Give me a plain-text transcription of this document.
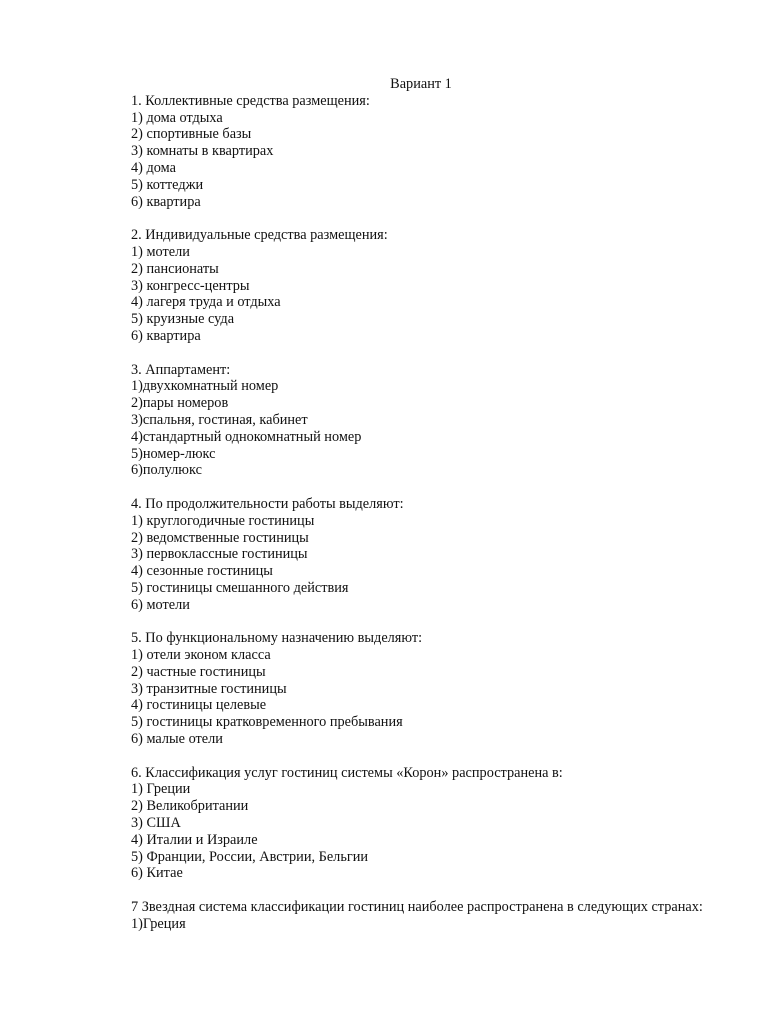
Вариант 1

1. Коллективные средства размещения:

1) дома отдыха

2) спортивные базы

3) комнаты в квартирах

4) дома

5) коттеджи

6) квартира

2. Индивидуальные средства размещения:

1) мотели

2) пансионаты

3) конгресс-центры

4) лагеря труда и отдыха

5) круизные суда

6) квартира

3. Аппартамент:

1)двухкомнатный номер

2)пары номеров

3)спальня, гостиная, кабинет

4)стандартный однокомнатный номер

5)номер-люкс

6)полулюкс

4. По продолжительности работы выделяют:

1) круглогодичные гостиницы

2) ведомственные гостиницы

3) первоклассные гостиницы

4) сезонные гостиницы

5) гостиницы смешанного действия

6) мотели

5. По функциональному назначению выделяют:

1) отели эконом класса

2) частные гостиницы

3) транзитные гостиницы

4) гостиницы целевые

5) гостиницы кратковременного пребывания

6) малые отели

6. Классификация услуг гостиниц системы «Корон» распространена в:

1) Греции

2) Великобритании

3) США

4) Италии и Израиле

5) Франции, России, Австрии, Бельгии

6) Китае

7 Звездная система классификации гостиниц наиболее распространена в следующих странах:

1)Греция
